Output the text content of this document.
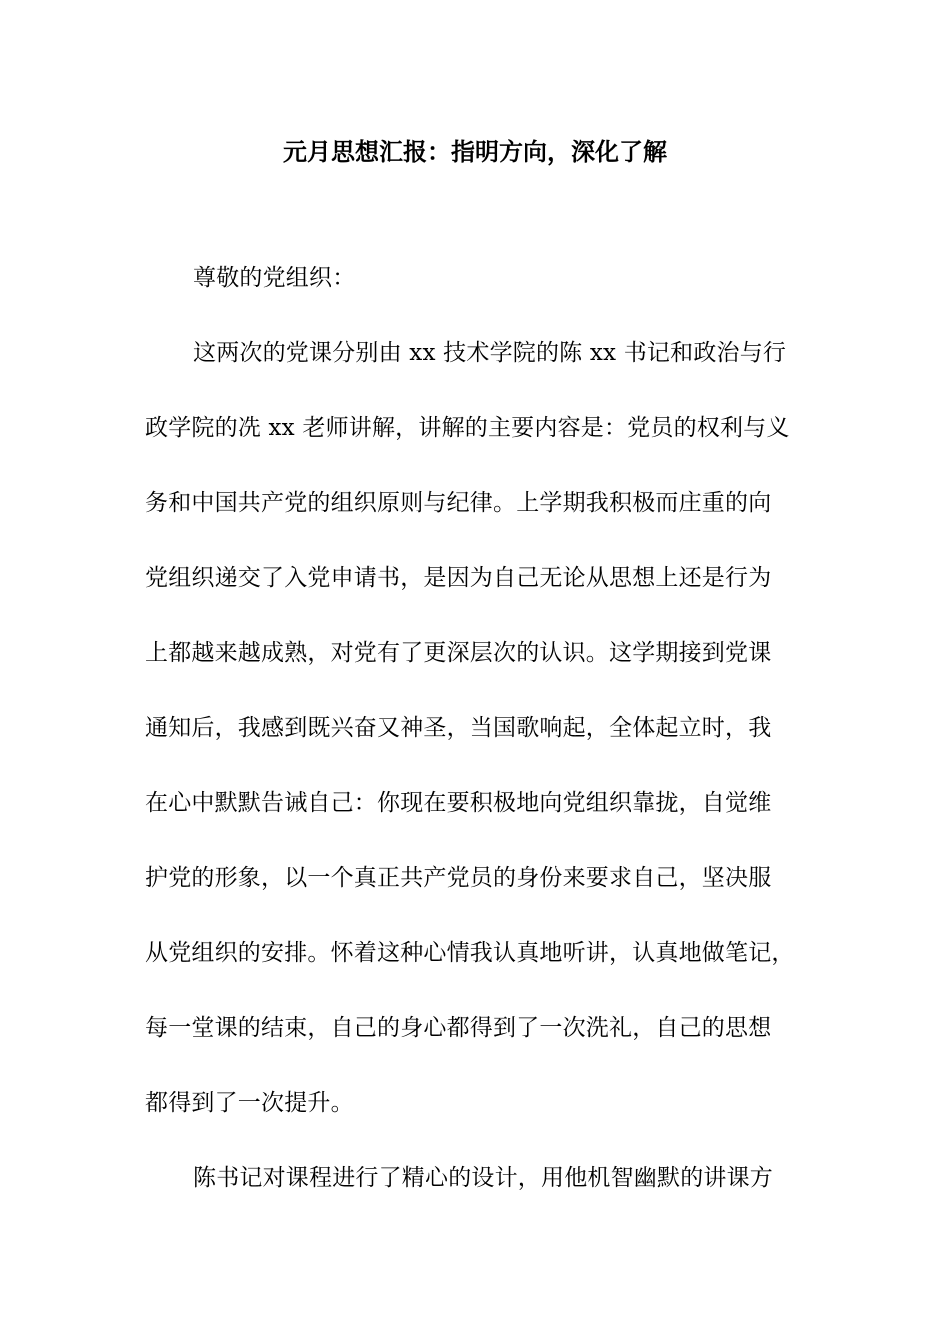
元月思想汇报：指明方向，深化了解
尊敬的党组织：
这两次的党课分别由 xx 技术学院的陈 xx 书记和政治与行
政学院的冼 xx 老师讲解，讲解的主要内容是：党员的权利与义
务和中国共产党的组织原则与纪律。上学期我积极而庄重的向
党组织递交了入党申请书，是因为自己无论从思想上还是行为
上都越来越成熟，对党有了更深层次的认识。这学期接到党课
通知后，我感到既兴奋又神圣，当国歌响起，全体起立时，我
在心中默默告诫自己：你现在要积极地向党组织靠拢，自觉维
护党的形象，以一个真正共产党员的身份来要求自己，坚决服
从党组织的安排。怀着这种心情我认真地听讲，认真地做笔记，
每一堂课的结束，自己的身心都得到了一次洗礼，自己的思想
都得到了一次提升。
陈书记对课程进行了精心的设计，用他机智幽默的讲课方
